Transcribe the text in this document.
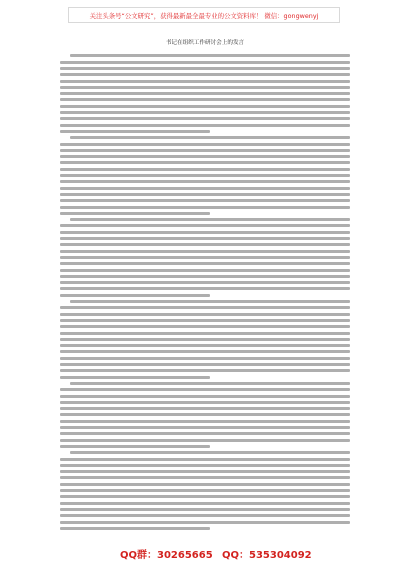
关注头条号“公文研究”，获得最新最全最专业的公文资料库！ 微信：gongwenyj
书记在组织工作研讨会上的发言
QQ群：30265665 QQ：535304092
